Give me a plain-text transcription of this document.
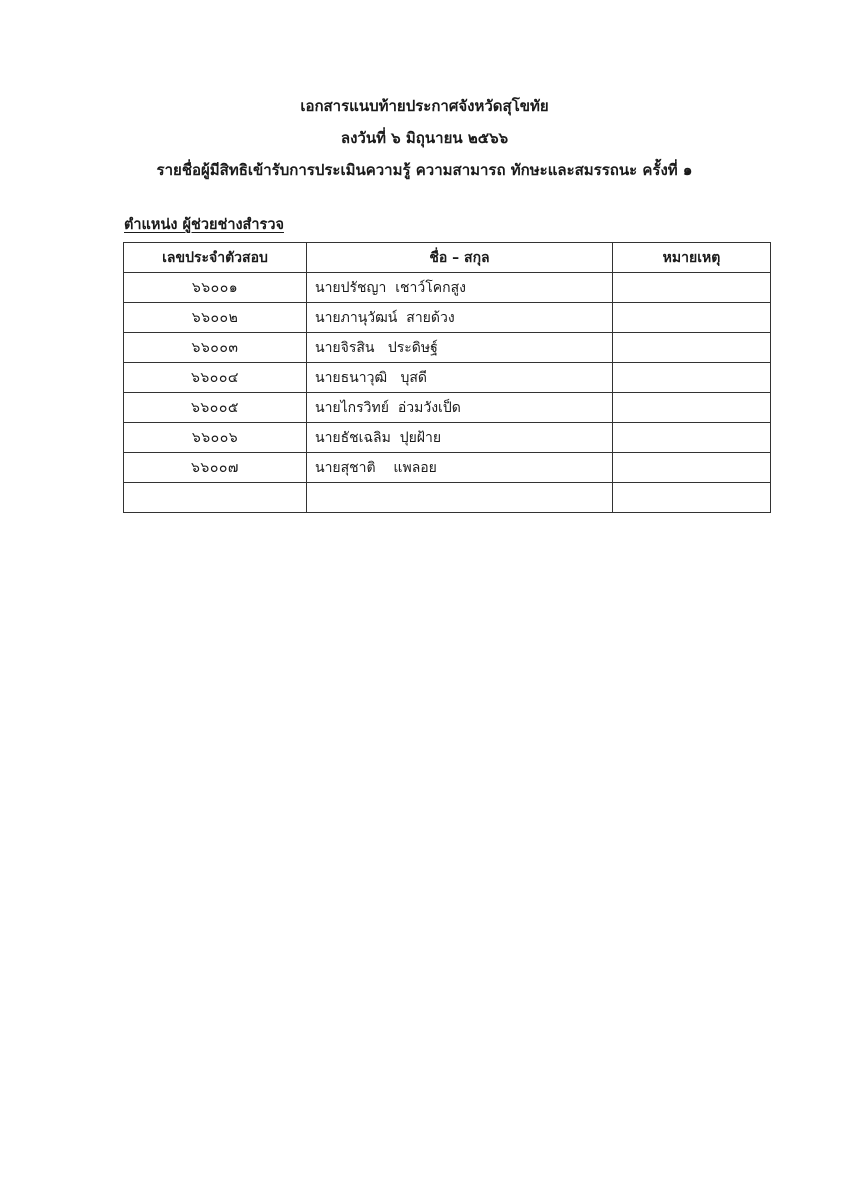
เอกสารแนบท้ายประกาศจังหวัดสุโขทัย
ลงวันที่ ๖ มิถุนายน ๒๕๖๖
รายชื่อผู้มีสิทธิเข้ารับการประเมินความรู้ ความสามารถ ทักษะและสมรรถนะ ครั้งที่ ๑
ตำแหน่ง ผู้ช่วยช่างสำรวจ
เลขประจำตัวสอบ	ชื่อ – สกุล	หมายเหตุ
๖๖๐๐๑	นายปรัชญา  เชาว์โคกสูง	
๖๖๐๐๒	นายภานุวัฒน์  สายด้วง	
๖๖๐๐๓	นายจิรสิน   ประดิษฐ์	
๖๖๐๐๔	นายธนาวุฒิ   บุสดี	
๖๖๐๐๕	นายไกรวิทย์  อ่วมวังเป็ด	
๖๖๐๐๖	นายธัชเฉลิม  ปุยฝ้าย	
๖๖๐๐๗	นายสุชาติ    แพลอย	
